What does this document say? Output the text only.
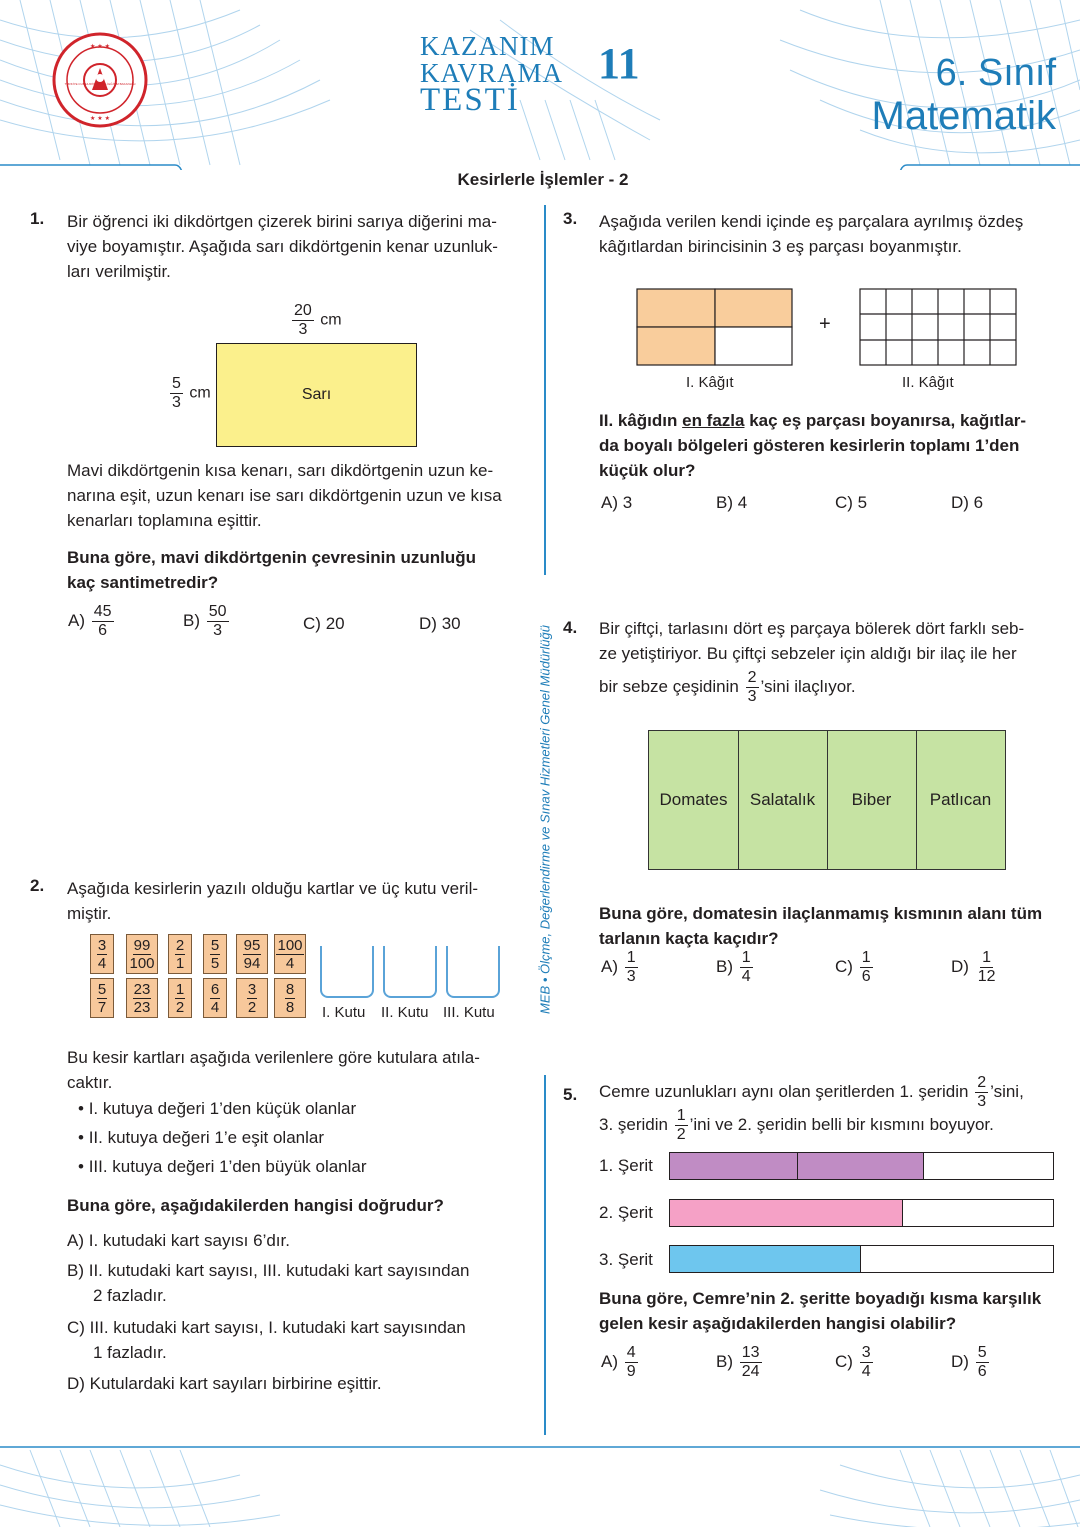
★ ★ ★
★ ★ ★
TÜRKİYE CUMHURİYETİ MİLLİ EĞİTİM BAKANLIĞI
KAZANIM
KAVRAMA
TESTİ
11	6. Sınıf
Matematik
Kesirlerle İşlemler - 2
MEB • Ölçme, Değerlendirme ve Sınav Hizmetleri Genel Müdürlüğü
1. Bir öğrenci iki dikdörtgen çizerek birini sarıya diğerini ma-
viye boyamıştır. Aşağıda sarı dikdörtgenin kenar uzunluk-
ları verilmiştir.
$\frac{20}{3}$ cm
$\frac{5}{3}$ cm	Sarı
Mavi dikdörtgenin kısa kenarı, sarı dikdörtgenin uzun ke-
narına eşit, uzun kenarı ise sarı dikdörtgenin uzun ve kısa
kenarları toplamına eşittir.
Buna göre, mavi dikdörtgenin çevresinin uzunluğu
kaç santimetredir?
$A) \frac{45}{6}$	$B) \frac{50}{3}$	C) 20	D) 30
2. Aşağıda kesirlerin yazılı olduğu kartlar ve üç kutu veril-
miştir.
$\frac{3}{4} \frac{99}{100} \frac{2}{1} \frac{5}{5} \frac{95}{94} \frac{100}{4}$
$\frac{5}{7} \frac{23}{23} \frac{1}{2} \frac{6}{4} \frac{3}{2} \frac{8}{8} I$. Kutu II. Kutu III. Kutu
Bu kesir kartları aşağıda verilenlere göre kutulara atıla-
caktır.
• I. kutuya değeri 1’den küçük olanlar
• II. kutuya değeri 1’e eşit olanlar
• III. kutuya değeri 1’den büyük olanlar
Buna göre, aşağıdakilerden hangisi doğrudur?
A) I. kutudaki kart sayısı 6’dır.
B) II. kutudaki kart sayısı, III. kutudaki kart sayısından
2 fazladır.
C) III. kutudaki kart sayısı, I. kutudaki kart sayısından
1 fazladır.
D) Kutulardaki kart sayıları birbirine eşittir.
3. Aşağıda verilen kendi içinde eş parçalara ayrılmış özdeş
kâğıtlardan birincisinin 3 eş parçası boyanmıştır.
+
I. Kâğıt	II. Kâğıt
II. kâğıdın en fazla kaç eş parçası boyanırsa, kağıtlar-
da boyalı bölgeleri gösteren kesirlerin toplamı 1’den
küçük olur?
A) 3	B) 4	C) 5	D) 6
4. Bir çiftçi, tarlasını dört eş parçaya bölerek dört farklı seb-
ze yetiştiriyor. Bu çiftçi sebzeler için aldığı bir ilaç ile her
bir sebze çeşidinin $\frac{2}{3}$ ’sini ilaçlıyor.
Domates Salatalık Biber Patlıcan
Buna göre, domatesin ilaçlanmamış kısmının alanı tüm
tarlanın kaçta kaçıdır?
$A) \frac{1}{3}$	$B) \frac{1}{4}$	$C) \frac{1}{6}$	$D) \frac{1}{12}$
5. Cemre uzunlukları aynı olan şeritlerden 1. şeridin $\frac{2}{3}$ ’sini,
3. şeridin $\frac{1}{2}$ ’ini ve 2. şeridin belli bir kısmını boyuyor.
1. Şerit
2. Şerit
3. Şerit
Buna göre, Cemre’nin 2. şeritte boyadığı kısma karşılık
gelen kesir aşağıdakilerden hangisi olabilir?
$A) \frac{4}{9}$	$B) \frac{13}{24}$	$C) \frac{3}{4}$	$D) \frac{5}{6}$
